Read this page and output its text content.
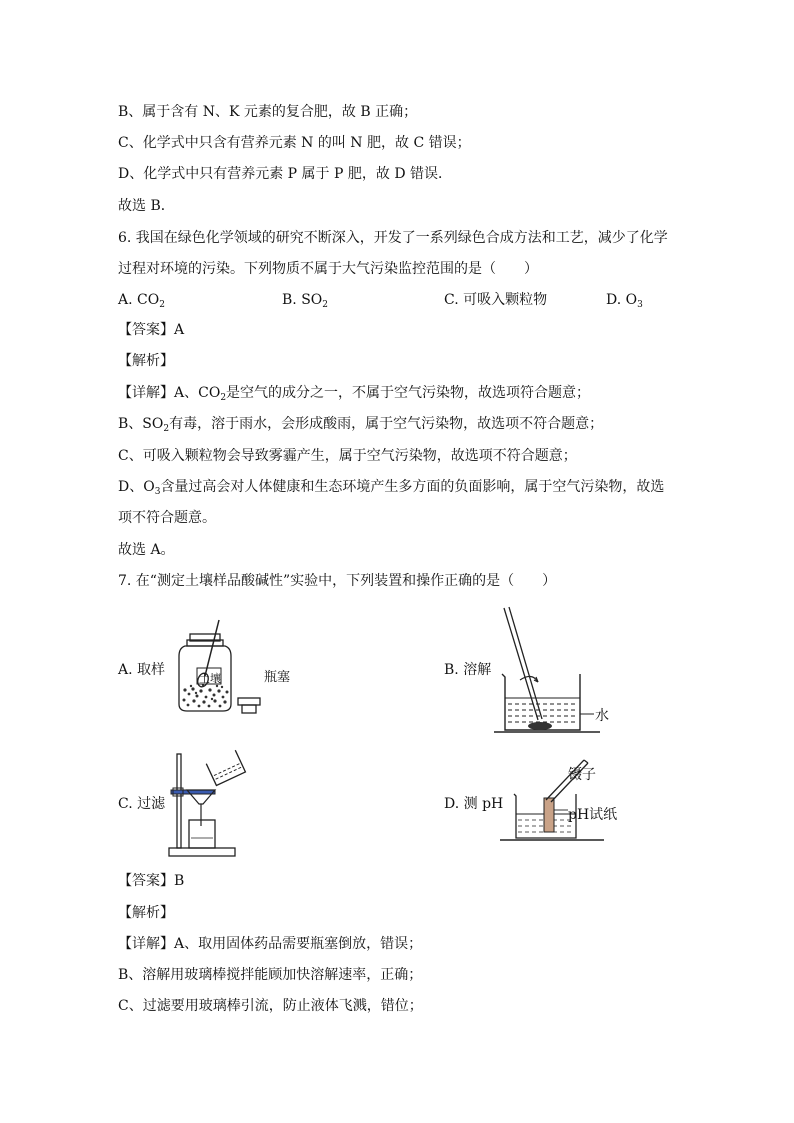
B、属于含有 N、K 元素的复合肥，故 B 正确；
C、化学式中只含有营养元素 N 的叫 N 肥，故 C 错误；
D、化学式中只有营养元素 P 属于 P 肥，故 D 错误．
故选 B．
6. 我国在绿色化学领域的研究不断深入，开发了一系列绿色合成方法和工艺，减少了化学
过程对环境的污染。下列物质不属于大气污染监控范围的是（　　）
A. $CO_2$	B. $SO_2$	C. 可吸入颗粒物	D. $O_3$
【答案】A
【解析】
【详解】A、$CO_2$是空气的成分之一，不属于空气污染物，故选项符合题意；
B、$SO_2$有毒，溶于雨水，会形成酸雨，属于空气污染物，故选项不符合题意；
C、可吸入颗粒物会导致雾霾产生，属于空气污染物，故选项不符合题意；
D、$O_3$含量过高会对人体健康和生态环境产生多方面的负面影响，属于空气污染物，故选
项不符合题意。
故选 A。
7. 在“测定土壤样品酸碱性”实验中，下列装置和操作正确的是（　　）
A. 取样	B. 溶解
C. 过滤	D. 测 pH
土壤	瓶塞
水
镊子
pH试纸
【答案】B
【解析】
【详解】A、取用固体药品需要瓶塞倒放，错误；
B、溶解用玻璃棒搅拌能顾加快溶解速率，正确；
C、过滤要用玻璃棒引流，防止液体飞溅，错位；
